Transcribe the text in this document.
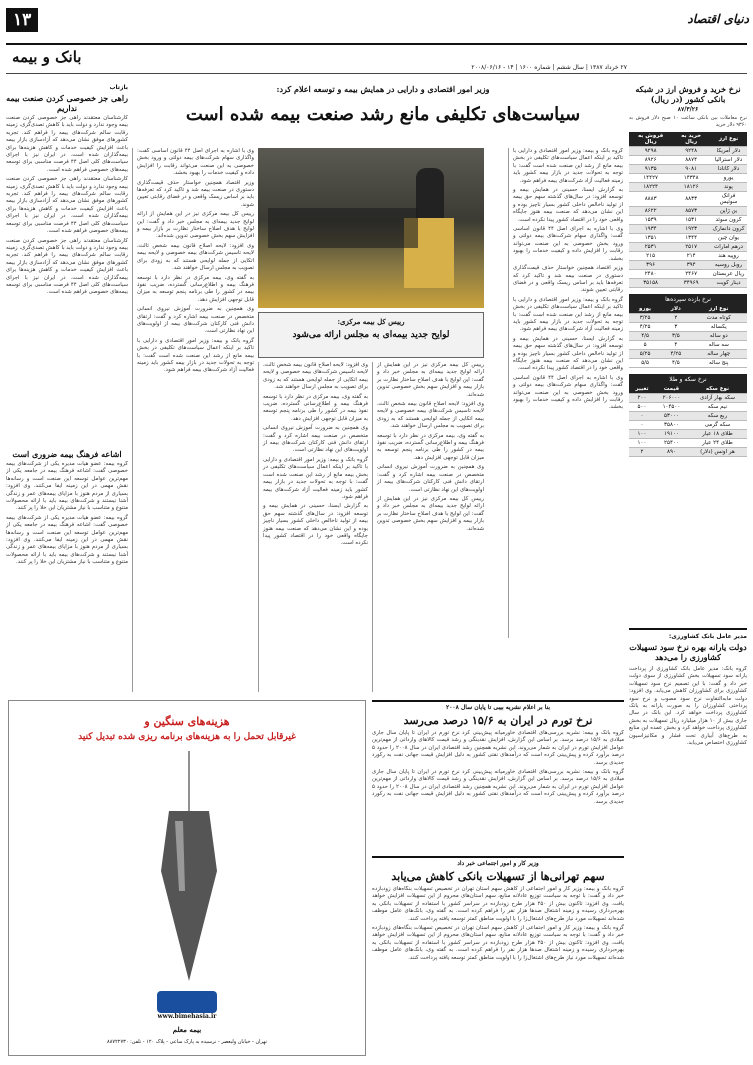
۱۳	دنیای اقتصاد
بانک و بیمه
۲۷ خرداد ۱۳۸۷ | سال ششم | شماره ۱۶۰۰ | ۱۴ - ۲۰۰۸/۰۶/۱۶
نرخ خرید و فروش ارز در شبکه بانکی کشور (در ریال)
۸۷/۳/۲۶
نرخ معاملات بین بانکی ساعت ۱۰ صبح دلار فروش به ۹۳۶۰ دلار خرید
نوع ارز	خرید به ریال	فروش به ریال
دلار آمریکا	۹۲۴۸	۹۲۹۸
دلار استرالیا	۸۸۷۴	۸۹۲۶
دلار کانادا	۹۰۸۱	۹۱۳۵
یورو	۱۴۳۴۸	۱۴۴۲۷
پوند	۱۸۱۲۶	۱۸۲۲۴
فرانک سوئیس	۸۸۳۳	۸۸۸۳
ین ژاپن	۸۵۷۳	۸۶۲۲
کرون سوئد	۱۵۳۱	۱۵۳۹
کرون دانمارک	۱۹۲۳	۱۹۳۴
یوان چین	۱۳۴۴	۱۳۵۱
درهم امارات	۲۵۱۷	۲۵۳۱
روپیه هند	۲۱۴	۲۱۵
روبل روسیه	۳۹۴	۳۹۶
ریال عربستان	۲۴۶۷	۲۴۸۰
دینار کویت	۳۴۹۶۹	۳۵۱۵۸
نرخ بازده سپرده‌ها
نوع ارز	دلار	یورو
کوتاه مدت	۲	۳/۲۵
یکساله	۳	۴/۲۵
دو ساله	۳/۵	۴/۵
سه ساله	۴	۵
چهار ساله	۴/۲۵	۵/۲۵
پنج ساله	۴/۵	۵/۵
نرخ سکه و طلا
نوع سکه	قیمت	تغییر
سکه بهار آزادی	۲۰۶۰۰۰	۲۰۰
نیم سکه	۱۰۴۵۰۰	۵۰۰
ربع سکه	۵۳۰۰۰	۰
سکه گرمی	۳۵۸۰۰	۰
طلای ۱۸ عیار	۱۹۱۰۰	۱۰۰
طلای ۲۴ عیار	۲۵۴۰۰	۱۰۰
هر اونس (دلار)	۸۹۰	۲
مدیر عامل بانک کشاورزی:
دولت یارانه بهره نرخ سود تسهیلات کشاورزی را می‌دهد
گروه بانک: مدیر عامل بانک کشاورزی از پرداخت یارانه سود تسهیلات بخش کشاورزی از سوی دولت خبر داد و گفت: با این تصمیم نرخ سود تسهیلات کشاورزی برای کشاورزان کاهش می‌یابد. وی افزود: دولت مابه‌التفاوت نرخ سود مصوب و نرخ سود پرداختی کشاورزان را به صورت یارانه به بانک کشاورزی پرداخت خواهد کرد. این بانک در سال جاری بیش از ۱۰ هزار میلیارد ریال تسهیلات به بخش کشاورزی پرداخت خواهد کرد و بخش عمده این منابع به طرح‌های آبیاری تحت فشار و مکانیزاسیون کشاورزی اختصاص می‌یابد.
وزیر امور اقتصادی و دارایی در همایش بیمه و توسعه اعلام کرد:
سیاست‌های تکلیفی مانع رشد صنعت بیمه شده است

گروه بانک و بیمه: وزیر امور اقتصادی و دارایی با تاکید بر اینکه اعمال سیاست‌های تکلیفی در بخش بیمه مانع از رشد این صنعت شده است گفت: با توجه به تحولات جدید در بازار بیمه کشور باید زمینه فعالیت آزاد شرکت‌های بیمه فراهم شود.

به گزارش ایسنا، حسینی در همایش بیمه و توسعه افزود: در سال‌های گذشته سهم حق بیمه از تولید ناخالص داخلی کشور بسیار ناچیز بوده و این نشان می‌دهد که صنعت بیمه هنوز جایگاه واقعی خود را در اقتصاد کشور پیدا نکرده است.

وی با اشاره به اجرای اصل ۴۴ قانون اساسی گفت: واگذاری سهام شرکت‌های بیمه دولتی و ورود بخش خصوصی به این صنعت می‌تواند رقابت را افزایش داده و کیفیت خدمات را بهبود بخشد.

وزیر اقتصاد همچنین خواستار حذف قیمت‌گذاری دستوری در صنعت بیمه شد و تاکید کرد که تعرفه‌ها باید بر اساس ریسک واقعی و در فضای رقابتی تعیین شوند.

گروه بانک و بیمه: وزیر امور اقتصادی و دارایی با تاکید بر اینکه اعمال سیاست‌های تکلیفی در بخش بیمه مانع از رشد این صنعت شده است گفت: با توجه به تحولات جدید در بازار بیمه کشور باید زمینه فعالیت آزاد شرکت‌های بیمه فراهم شود.

به گزارش ایسنا، حسینی در همایش بیمه و توسعه افزود: در سال‌های گذشته سهم حق بیمه از تولید ناخالص داخلی کشور بسیار ناچیز بوده و این نشان می‌دهد که صنعت بیمه هنوز جایگاه واقعی خود را در اقتصاد کشور پیدا نکرده است.

وی با اشاره به اجرای اصل ۴۴ قانون اساسی گفت: واگذاری سهام شرکت‌های بیمه دولتی و ورود بخش خصوصی به این صنعت می‌تواند رقابت را افزایش داده و کیفیت خدمات را بهبود بخشد.

رییس کل بیمه مرکزی:
لوایح جدید بیمه‌ای به مجلس ارائه می‌شود

رییس کل بیمه مرکزی نیز در این همایش از ارائه لوایح جدید بیمه‌ای به مجلس خبر داد و گفت: این لوایح با هدف اصلاح ساختار نظارت بر بازار بیمه و افزایش سهم بخش خصوصی تدوین شده‌اند.

وی افزود: لایحه اصلاح قانون بیمه شخص ثالث، لایحه تاسیس شرکت‌های بیمه خصوصی و لایحه بیمه اتکایی از جمله لوایحی هستند که به زودی برای تصویب به مجلس ارسال خواهند شد.

به گفته وی، بیمه مرکزی در نظر دارد با توسعه فرهنگ بیمه و اطلاع‌رسانی گسترده، ضریب نفوذ بیمه در کشور را طی برنامه پنجم توسعه به میزان قابل توجهی افزایش دهد.

وی همچنین به ضرورت آموزش نیروی انسانی متخصص در صنعت بیمه اشاره کرد و گفت: ارتقای دانش فنی کارکنان شرکت‌های بیمه از اولویت‌های این نهاد نظارتی است.

رییس کل بیمه مرکزی نیز در این همایش از ارائه لوایح جدید بیمه‌ای به مجلس خبر داد و گفت: این لوایح با هدف اصلاح ساختار نظارت بر بازار بیمه و افزایش سهم بخش خصوصی تدوین شده‌اند.

وی افزود: لایحه اصلاح قانون بیمه شخص ثالث، لایحه تاسیس شرکت‌های بیمه خصوصی و لایحه بیمه اتکایی از جمله لوایحی هستند که به زودی برای تصویب به مجلس ارسال خواهند شد.

به گفته وی، بیمه مرکزی در نظر دارد با توسعه فرهنگ بیمه و اطلاع‌رسانی گسترده، ضریب نفوذ بیمه در کشور را طی برنامه پنجم توسعه به میزان قابل توجهی افزایش دهد.

وی همچنین به ضرورت آموزش نیروی انسانی متخصص در صنعت بیمه اشاره کرد و گفت: ارتقای دانش فنی کارکنان شرکت‌های بیمه از اولویت‌های این نهاد نظارتی است.

گروه بانک و بیمه: وزیر امور اقتصادی و دارایی با تاکید بر اینکه اعمال سیاست‌های تکلیفی در بخش بیمه مانع از رشد این صنعت شده است گفت: با توجه به تحولات جدید در بازار بیمه کشور باید زمینه فعالیت آزاد شرکت‌های بیمه فراهم شود.

به گزارش ایسنا، حسینی در همایش بیمه و توسعه افزود: در سال‌های گذشته سهم حق بیمه از تولید ناخالص داخلی کشور بسیار ناچیز بوده و این نشان می‌دهد که صنعت بیمه هنوز جایگاه واقعی خود را در اقتصاد کشور پیدا نکرده است.

وی با اشاره به اجرای اصل ۴۴ قانون اساسی گفت: واگذاری سهام شرکت‌های بیمه دولتی و ورود بخش خصوصی به این صنعت می‌تواند رقابت را افزایش داده و کیفیت خدمات را بهبود بخشد.

وزیر اقتصاد همچنین خواستار حذف قیمت‌گذاری دستوری در صنعت بیمه شد و تاکید کرد که تعرفه‌ها باید بر اساس ریسک واقعی و در فضای رقابتی تعیین شوند.

رییس کل بیمه مرکزی نیز در این همایش از ارائه لوایح جدید بیمه‌ای به مجلس خبر داد و گفت: این لوایح با هدف اصلاح ساختار نظارت بر بازار بیمه و افزایش سهم بخش خصوصی تدوین شده‌اند.

وی افزود: لایحه اصلاح قانون بیمه شخص ثالث، لایحه تاسیس شرکت‌های بیمه خصوصی و لایحه بیمه اتکایی از جمله لوایحی هستند که به زودی برای تصویب به مجلس ارسال خواهند شد.

به گفته وی، بیمه مرکزی در نظر دارد با توسعه فرهنگ بیمه و اطلاع‌رسانی گسترده، ضریب نفوذ بیمه در کشور را طی برنامه پنجم توسعه به میزان قابل توجهی افزایش دهد.

وی همچنین به ضرورت آموزش نیروی انسانی متخصص در صنعت بیمه اشاره کرد و گفت: ارتقای دانش فنی کارکنان شرکت‌های بیمه از اولویت‌های این نهاد نظارتی است.

گروه بانک و بیمه: وزیر امور اقتصادی و دارایی با تاکید بر اینکه اعمال سیاست‌های تکلیفی در بخش بیمه مانع از رشد این صنعت شده است گفت: با توجه به تحولات جدید در بازار بیمه کشور باید زمینه فعالیت آزاد شرکت‌های بیمه فراهم شود.

بازتاب
راهی جز خصوصی کردن صنعت بیمه نداریم

کارشناسان معتقدند راهی جز خصوصی کردن صنعت بیمه وجود ندارد و دولت باید با کاهش تصدی‌گری، زمینه رقابت سالم شرکت‌های بیمه را فراهم کند. تجربه کشورهای موفق نشان می‌دهد که آزادسازی بازار بیمه باعث افزایش کیفیت خدمات و کاهش هزینه‌ها برای بیمه‌گذاران شده است. در ایران نیز با اجرای سیاست‌های کلی اصل ۴۴ فرصت مناسبی برای توسعه بیمه‌های خصوصی فراهم شده است.

کارشناسان معتقدند راهی جز خصوصی کردن صنعت بیمه وجود ندارد و دولت باید با کاهش تصدی‌گری، زمینه رقابت سالم شرکت‌های بیمه را فراهم کند. تجربه کشورهای موفق نشان می‌دهد که آزادسازی بازار بیمه باعث افزایش کیفیت خدمات و کاهش هزینه‌ها برای بیمه‌گذاران شده است. در ایران نیز با اجرای سیاست‌های کلی اصل ۴۴ فرصت مناسبی برای توسعه بیمه‌های خصوصی فراهم شده است.

کارشناسان معتقدند راهی جز خصوصی کردن صنعت بیمه وجود ندارد و دولت باید با کاهش تصدی‌گری، زمینه رقابت سالم شرکت‌های بیمه را فراهم کند. تجربه کشورهای موفق نشان می‌دهد که آزادسازی بازار بیمه باعث افزایش کیفیت خدمات و کاهش هزینه‌ها برای بیمه‌گذاران شده است. در ایران نیز با اجرای سیاست‌های کلی اصل ۴۴ فرصت مناسبی برای توسعه بیمه‌های خصوصی فراهم شده است.

اشاعه فرهنگ بیمه ضروری است

گروه بیمه: عضو هیات مدیره یکی از شرکت‌های بیمه خصوصی گفت: اشاعه فرهنگ بیمه در جامعه یکی از مهم‌ترین عوامل توسعه این صنعت است و رسانه‌ها نقش مهمی در این زمینه ایفا می‌کنند. وی افزود: بسیاری از مردم هنوز با مزایای بیمه‌های عمر و زندگی آشنا نیستند و شرکت‌های بیمه باید با ارائه محصولات متنوع و متناسب با نیاز مشتریان این خلا را پر کنند.

گروه بیمه: عضو هیات مدیره یکی از شرکت‌های بیمه خصوصی گفت: اشاعه فرهنگ بیمه در جامعه یکی از مهم‌ترین عوامل توسعه این صنعت است و رسانه‌ها نقش مهمی در این زمینه ایفا می‌کنند. وی افزود: بسیاری از مردم هنوز با مزایای بیمه‌های عمر و زندگی آشنا نیستند و شرکت‌های بیمه باید با ارائه محصولات متنوع و متناسب با نیاز مشتریان این خلا را پر کنند.

بنا بر اعلام نشریه بیبی تا پایان سال ۲۰۰۸
نرخ تورم در ایران به ۱۵/۶ درصد می‌رسد

گروه بانک و بیمه: نشریه بررسی‌های اقتصادی خاورمیانه پیش‌بینی کرد نرخ تورم در ایران تا پایان سال جاری میلادی به ۱۵/۶ درصد برسد. بر اساس این گزارش، افزایش نقدینگی و رشد قیمت کالاهای وارداتی از مهم‌ترین عوامل افزایش تورم در ایران به شمار می‌روند. این نشریه همچنین رشد اقتصادی ایران در سال ۲۰۰۸ را حدود ۵ درصد برآورد کرده و پیش‌بینی کرده است که درآمدهای نفتی کشور به دلیل افزایش قیمت جهانی نفت به رکورد جدیدی برسد.

گروه بانک و بیمه: نشریه بررسی‌های اقتصادی خاورمیانه پیش‌بینی کرد نرخ تورم در ایران تا پایان سال جاری میلادی به ۱۵/۶ درصد برسد. بر اساس این گزارش، افزایش نقدینگی و رشد قیمت کالاهای وارداتی از مهم‌ترین عوامل افزایش تورم در ایران به شمار می‌روند. این نشریه همچنین رشد اقتصادی ایران در سال ۲۰۰۸ را حدود ۵ درصد برآورد کرده و پیش‌بینی کرده است که درآمدهای نفتی کشور به دلیل افزایش قیمت جهانی نفت به رکورد جدیدی برسد.

وزیر کار و امور اجتماعی خبر داد
سهم تهرانی‌ها از تسهیلات بانکی کاهش می‌یابد

گروه بانک و بیمه: وزیر کار و امور اجتماعی از کاهش سهم استان تهران در تخصیص تسهیلات بنگاه‌های زودبازده خبر داد و گفت: با توجه به سیاست توزیع عادلانه منابع، سهم استان‌های محروم از این تسهیلات افزایش خواهد یافت. وی افزود: تاکنون بیش از ۲۵۰ هزار طرح زودبازده در سراسر کشور با استفاده از تسهیلات بانکی به بهره‌برداری رسیده و زمینه اشتغال صدها هزار نفر را فراهم کرده است. به گفته وی، بانک‌های عامل موظف شده‌اند تسهیلات مورد نیاز طرح‌های اشتغال‌زا را با اولویت مناطق کمتر توسعه یافته پرداخت کنند.

گروه بانک و بیمه: وزیر کار و امور اجتماعی از کاهش سهم استان تهران در تخصیص تسهیلات بنگاه‌های زودبازده خبر داد و گفت: با توجه به سیاست توزیع عادلانه منابع، سهم استان‌های محروم از این تسهیلات افزایش خواهد یافت. وی افزود: تاکنون بیش از ۲۵۰ هزار طرح زودبازده در سراسر کشور با استفاده از تسهیلات بانکی به بهره‌برداری رسیده و زمینه اشتغال صدها هزار نفر را فراهم کرده است. به گفته وی، بانک‌های عامل موظف شده‌اند تسهیلات مورد نیاز طرح‌های اشتغال‌زا را با اولویت مناطق کمتر توسعه یافته پرداخت کنند.

هزینه‌های سنگین و
غیرقابل تحمل را به هزینه‌های برنامه ریزی شده تبدیل کنید
www.bimehasia.ir
بیمه معلم
تهران - خیابان ولیعصر - نرسیده به پارک ساعی - پلاک ۱۲۰ - تلفن: ۸۸۷۲۲۷۳۰
